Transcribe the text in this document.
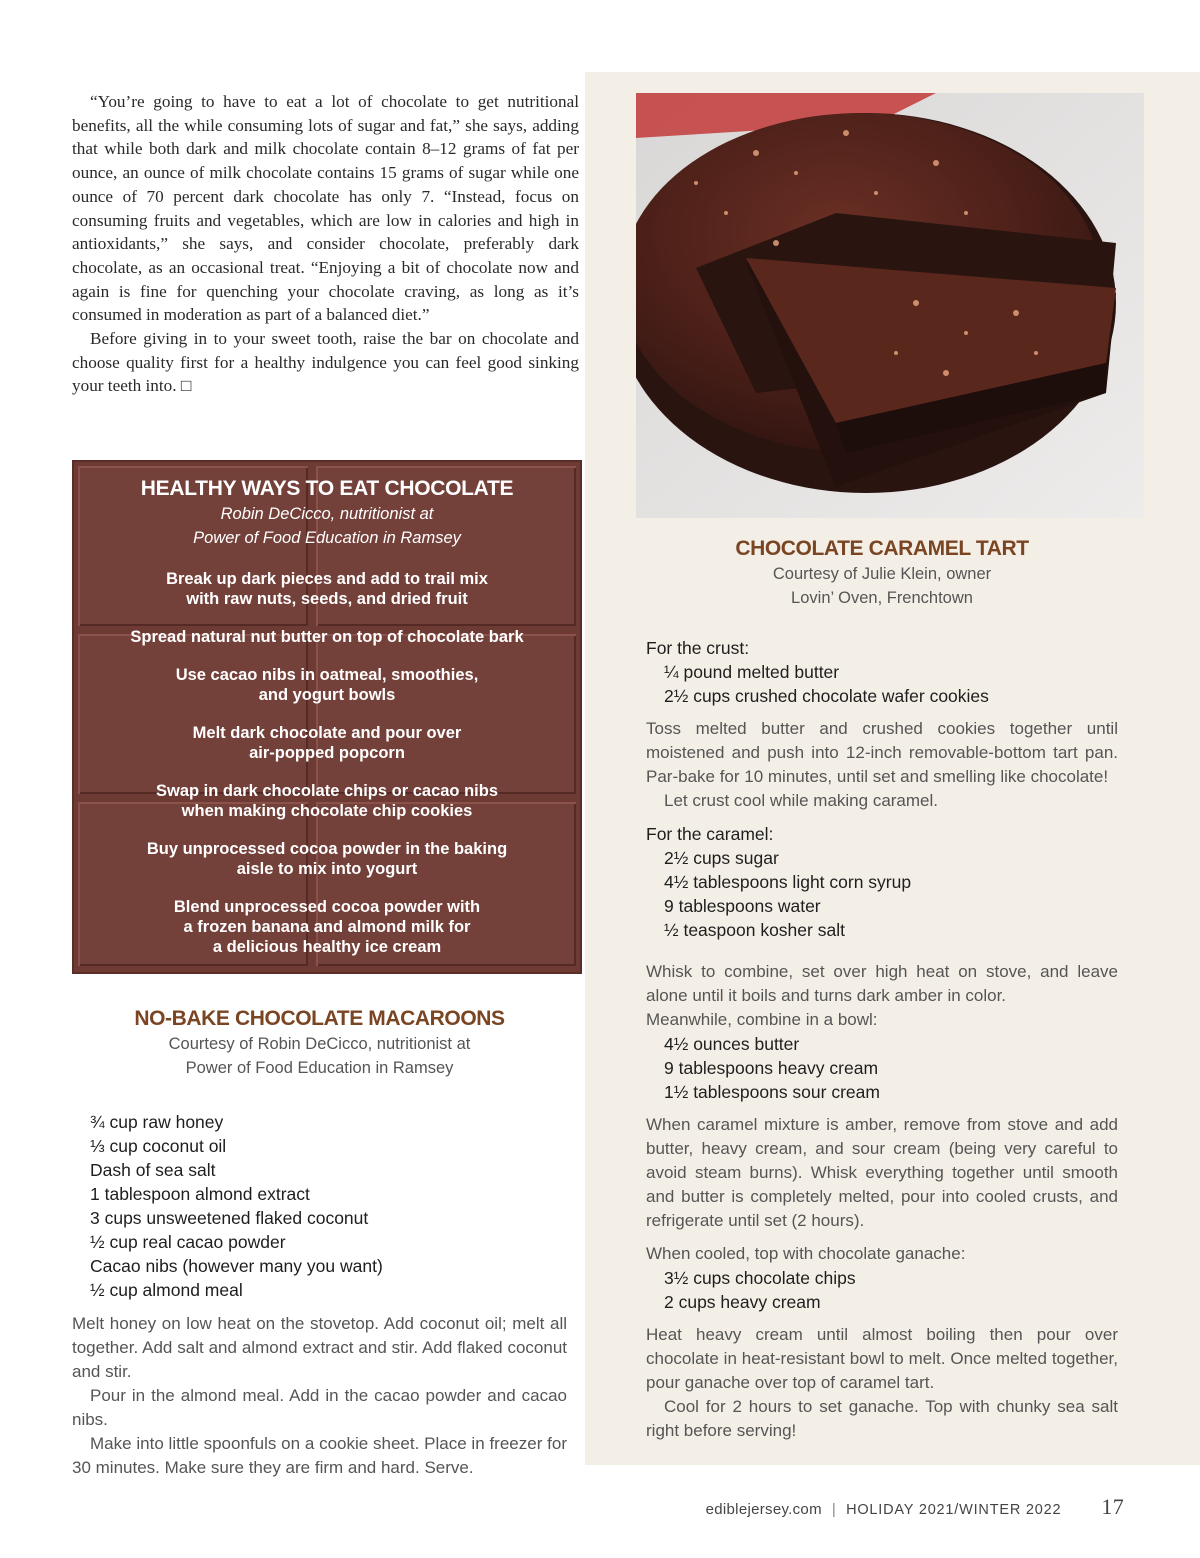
“You’re going to have to eat a lot of chocolate to get nutritional benefits, all the while consuming lots of sugar and fat,” she says, adding that while both dark and milk chocolate contain 8–12 grams of fat per ounce, an ounce of milk chocolate contains 15 grams of sugar while one ounce of 70 percent dark chocolate has only 7. “Instead, focus on consuming fruits and vegetables, which are low in calories and high in antioxidants,” she says, and consider chocolate, preferably dark chocolate, as an occasional treat. “Enjoying a bit of chocolate now and again is fine for quenching your chocolate craving, as long as it’s consumed in moderation as part of a balanced diet.”

Before giving in to your sweet tooth, raise the bar on chocolate and choose quality first for a healthy indulgence you can feel good sinking your teeth into. □

HEALTHY WAYS TO EAT CHOCOLATE
Robin DeCicco, nutritionist at
Power of Food Education in Ramsey
Break up dark pieces and add to trail mix
with raw nuts, seeds, and dried fruit
Spread natural nut butter on top of chocolate bark
Use cacao nibs in oatmeal, smoothies,
and yogurt bowls
Melt dark chocolate and pour over
air-popped popcorn
Swap in dark chocolate chips or cacao nibs
when making chocolate chip cookies
Buy unprocessed cocoa powder in the baking
aisle to mix into yogurt
Blend unprocessed cocoa powder with
a frozen banana and almond milk for
a delicious healthy ice cream
NO-BAKE CHOCOLATE MACAROONS
Courtesy of Robin DeCicco, nutritionist at
Power of Food Education in Ramsey
¾ cup raw honey
⅓ cup coconut oil
Dash of sea salt
1 tablespoon almond extract
3 cups unsweetened flaked coconut
½ cup real cacao powder
Cacao nibs (however many you want)
½ cup almond meal

Melt honey on low heat on the stovetop. Add coconut oil; melt all together. Add salt and almond extract and stir. Add flaked coconut and stir.

Pour in the almond meal. Add in the cacao powder and cacao nibs.

Make into little spoonfuls on a cookie sheet. Place in freezer for 30 minutes. Make sure they are firm and hard. Serve.

CHOCOLATE CARAMEL TART
Courtesy of Julie Klein, owner
Lovin’ Oven, Frenchtown
For the crust:
¼ pound melted butter
2½ cups crushed chocolate wafer cookies

Toss melted butter and crushed cookies together until moistened and push into 12-inch removable-bottom tart pan. Par-bake for 10 minutes, until set and smelling like chocolate!

Let crust cool while making caramel.

For the caramel:
2½ cups sugar
4½ tablespoons light corn syrup
9 tablespoons water
½ teaspoon kosher salt

Whisk to combine, set over high heat on stove, and leave alone until it boils and turns dark amber in color.

Meanwhile, combine in a bowl:

4½ ounces butter
9 tablespoons heavy cream
1½ tablespoons sour cream

When caramel mixture is amber, remove from stove and add butter, heavy cream, and sour cream (being very careful to avoid steam burns). Whisk everything together until smooth and butter is completely melted, pour into cooled crusts, and refrigerate until set (2 hours).

When cooled, top with chocolate ganache:
3½ cups chocolate chips
2 cups heavy cream

Heat heavy cream until almost boiling then pour over chocolate in heat-resistant bowl to melt. Once melted together, pour ganache over top of caramel tart.

Cool for 2 hours to set ganache. Top with chunky sea salt right before serving!

ediblejersey.com | HOLIDAY 2021/WINTER 2022 17
